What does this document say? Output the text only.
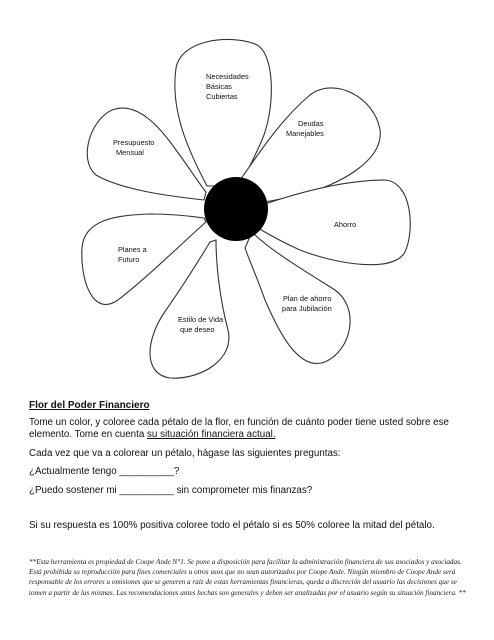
Necesidades Básicas Cubiertas
Deudas Manejables
Ahorro
Plan de ahorro para Jubilación
Estilo de Vida que deseo
Planes a Futuro
Presupuesto Mensual
Flor del Poder Financiero
Tome un color, y coloree cada pétalo de la flor, en función de cuánto poder tiene usted sobre ese elemento. Tome en cuenta su situación financiera actual.
Cada vez que va a colorear un pétalo, hágase las siguientes preguntas:
¿Actualmente tengo __________?
¿Puedo sostener mi __________ sin comprometer mis finanzas?
Si su respuesta es 100% positiva coloree todo el pétalo si es 50% coloree la mitad del pétalo.
**Esta herramienta es propiedad de Coope Ande N°1. Se pone a disposición para facilitar la administración financiera de sus asociados y asociadas. Está prohibida su reproducción para fines comerciales u otros usos que no sean autorizados por Coope Ande. Ningún miembro de Coope Ande será responsable de los errores u omisiones que se generen a raíz de estas herramientas financieras, queda a discreción del usuario las decisiones que se tomen a partir de las mismas. Las recomendaciones antes hechas son generales y deben ser analizadas por el usuario según su situación financiera. **
